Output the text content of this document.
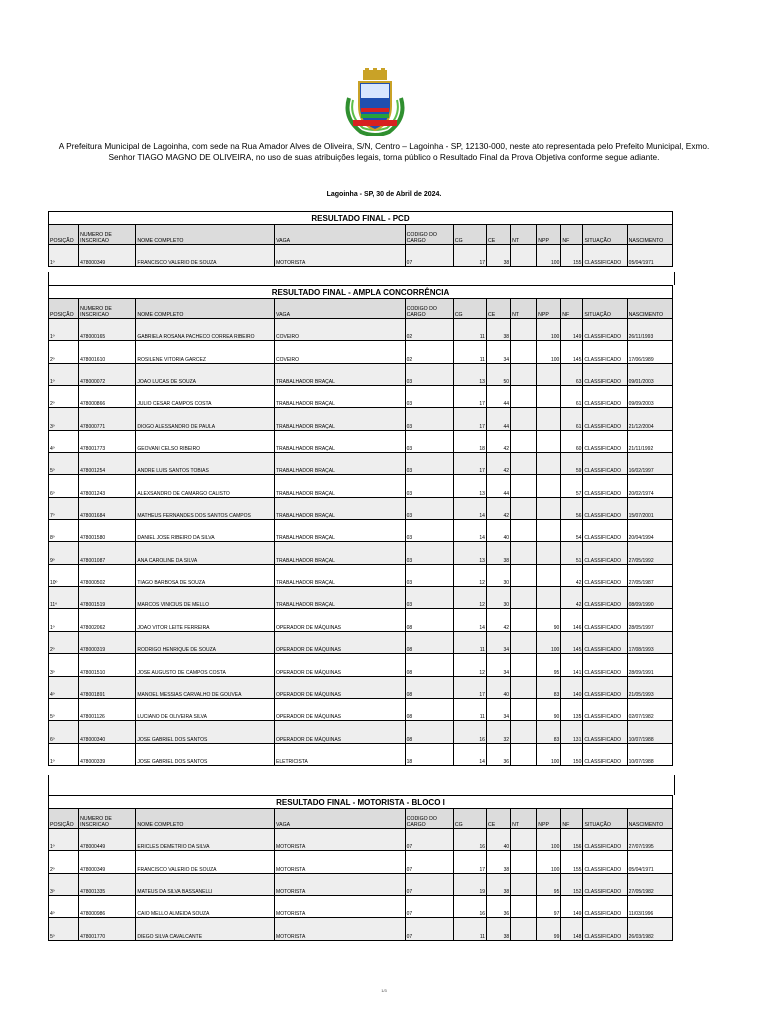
A Prefeitura Municipal de Lagoinha, com sede na Rua Amador Alves de Oliveira, S/N, Centro – Lagoinha - SP, 12130-000, neste ato representada pelo Prefeito Municipal, Exmo. Senhor TIAGO MAGNO DE OLIVEIRA, no uso de suas atribuições legais, torna público o Resultado Final da Prova Objetiva conforme segue adiante.
Lagoinha - SP, 30 de Abril de 2024.
RESULTADO FINAL - PCD											
POSIÇÃO	NUMERO DE INSCRICAO	NOME COMPLETO	VAGA	CODIGO DO CARGO	CG	CE	NT	NPP	NF	SITUAÇÃO	NASCIMENTO
1º	478000349	FRANCISCO VALERIO DE SOUZA	MOTORISTA	07	17	38		100	155	CLASSIFICADO	05/04/1971
RESULTADO FINAL - AMPLA CONCORRÊNCIA											
POSIÇÃO	NUMERO DE INSCRICAO	NOME COMPLETO	VAGA	CODIGO DO CARGO	CG	CE	NT	NPP	NF	SITUAÇÃO	NASCIMENTO
1º	478000165	GABRIELA ROSANA PACHECO CORREA RIBEIRO	COVEIRO	02	11	38		100	149	CLASSIFICADO	26/11/1993
2º	478001610	ROSILENE VITORIA GARCEZ	COVEIRO	02	11	34		100	145	CLASSIFICADO	17/06/1989
1º	478000072	JOAO LUCAS DE SOUZA	TRABALHADOR BRAÇAL	03	13	50			63	CLASSIFICADO	09/01/2003
2º	478000866	JULIO CESAR CAMPOS COSTA	TRABALHADOR BRAÇAL	03	17	44			61	CLASSIFICADO	09/09/2003
3º	478000771	DIOGO ALESSANDRO DE PAULA	TRABALHADOR BRAÇAL	03	17	44			61	CLASSIFICADO	21/12/2004
4º	478001773	GEOVANI CELSO RIBEIRO	TRABALHADOR BRAÇAL	03	18	42			60	CLASSIFICADO	21/11/1992
5º	478001254	ANDRE LUIS SANTOS TOBIAS	TRABALHADOR BRAÇAL	03	17	42			59	CLASSIFICADO	16/02/1997
6º	478001243	ALEXSANDRO DE CAMARGO CALISTO	TRABALHADOR BRAÇAL	03	13	44			57	CLASSIFICADO	20/02/1974
7º	478001684	MATHEUS FERNANDES DOS SANTOS CAMPOS	TRABALHADOR BRAÇAL	03	14	42			56	CLASSIFICADO	15/07/2001
8º	478001580	DANIEL JOSE RIBEIRO DA SILVA	TRABALHADOR BRAÇAL	03	14	40			54	CLASSIFICADO	20/04/1994
9º	478001087	ANA CAROLINE DA SILVA	TRABALHADOR BRAÇAL	03	13	38			51	CLASSIFICADO	27/05/1992
10º	478000502	TIAGO BARBOSA DE SOUZA	TRABALHADOR BRAÇAL	03	12	30			42	CLASSIFICADO	27/05/1987
11º	478001519	MARCOS VINICIUS DE MELLO	TRABALHADOR BRAÇAL	03	12	30			42	CLASSIFICADO	08/09/1990
1º	478002062	JOAO VITOR LEITE FERREIRA	OPERADOR DE MÁQUINAS	08	14	42		90	146	CLASSIFICADO	28/05/1997
2º	478000319	RODRIGO HENRIQUE DE SOUZA	OPERADOR DE MÁQUINAS	08	11	34		100	145	CLASSIFICADO	17/08/1993
3º	478001510	JOSE AUGUSTO DE CAMPOS COSTA	OPERADOR DE MÁQUINAS	08	12	34		95	141	CLASSIFICADO	28/09/1991
4º	478001891	MANOEL MESSIAS CARVALHO DE GOUVEA	OPERADOR DE MÁQUINAS	08	17	40		83	140	CLASSIFICADO	21/05/1993
5º	478001126	LUCIANO DE OLIVEIRA SILVA	OPERADOR DE MÁQUINAS	08	11	34		90	135	CLASSIFICADO	02/07/1982
6º	478000340	JOSE GABRIEL DOS SANTOS	OPERADOR DE MÁQUINAS	08	16	32		83	131	CLASSIFICADO	10/07/1988
1º	478000339	JOSE GABRIEL DOS SANTOS	ELETRICISTA	18	14	36		100	150	CLASSIFICADO	10/07/1988
RESULTADO FINAL - MOTORISTA - BLOCO I											
POSIÇÃO	NUMERO DE INSCRICAO	NOME COMPLETO	VAGA	CODIGO DO CARGO	CG	CE	NT	NPP	NF	SITUAÇÃO	NASCIMENTO
1º	478000449	ERICLES DEMETRIO DA SILVA	MOTORISTA	07	16	40		100	156	CLASSIFICADO	27/07/1995
2º	478000349	FRANCISCO VALERIO DE SOUZA	MOTORISTA	07	17	38		100	155	CLASSIFICADO	05/04/1971
3º	478001335	MATEUS DA SILVA BASSANELLI	MOTORISTA	07	19	38		95	152	CLASSIFICADO	27/05/1982
4º	478000986	CAIO MELLO ALMEIDA SOUZA	MOTORISTA	07	16	36		97	149	CLASSIFICADO	11/03/1996
5º	478001770	DIEGO SILVA CAVALCANTE	MOTORISTA	07	11	38		99	148	CLASSIFICADO	26/03/1982
1/3
